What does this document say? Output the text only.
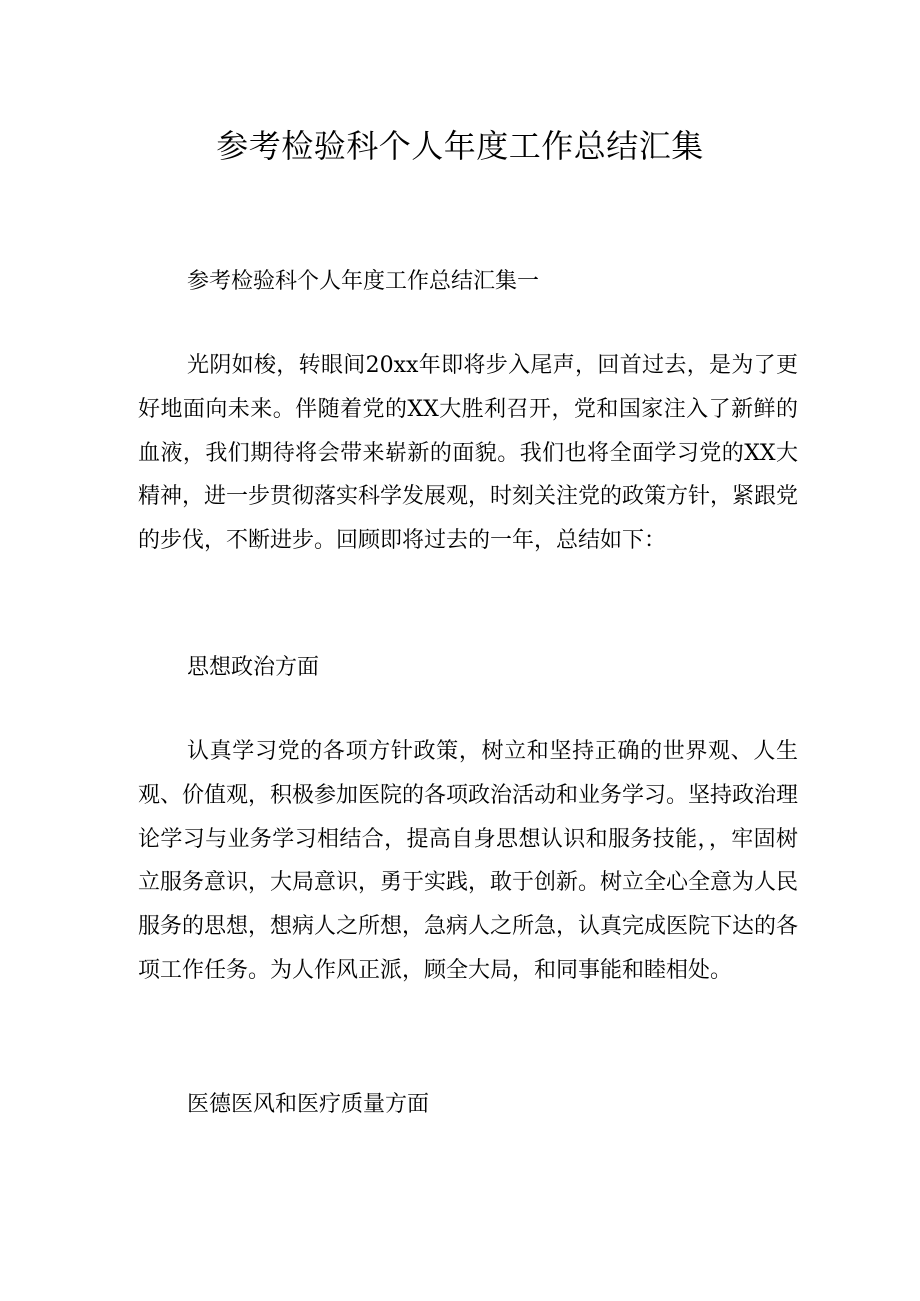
参考检验科个人年度工作总结汇集

参考检验科个人年度工作总结汇集一

光阴如梭，转眼间20xx年即将步入尾声，回首过去，是为了更好地面向未来。伴随着党的XX大胜利召开，党和国家注入了新鲜的血液，我们期待将会带来崭新的面貌。我们也将全面学习党的XX大精神，进一步贯彻落实科学发展观，时刻关注党的政策方针，紧跟党的步伐，不断进步。回顾即将过去的一年，总结如下：

思想政治方面

认真学习党的各项方针政策，树立和坚持正确的世界观、人生观、价值观，积极参加医院的各项政治活动和业务学习。坚持政治理论学习与业务学习相结合，提高自身思想认识和服务技能，，牢固树立服务意识，大局意识，勇于实践，敢于创新。树立全心全意为人民服务的思想，想病人之所想，急病人之所急，认真完成医院下达的各项工作任务。为人作风正派，顾全大局，和同事能和睦相处。

医德医风和医疗质量方面
